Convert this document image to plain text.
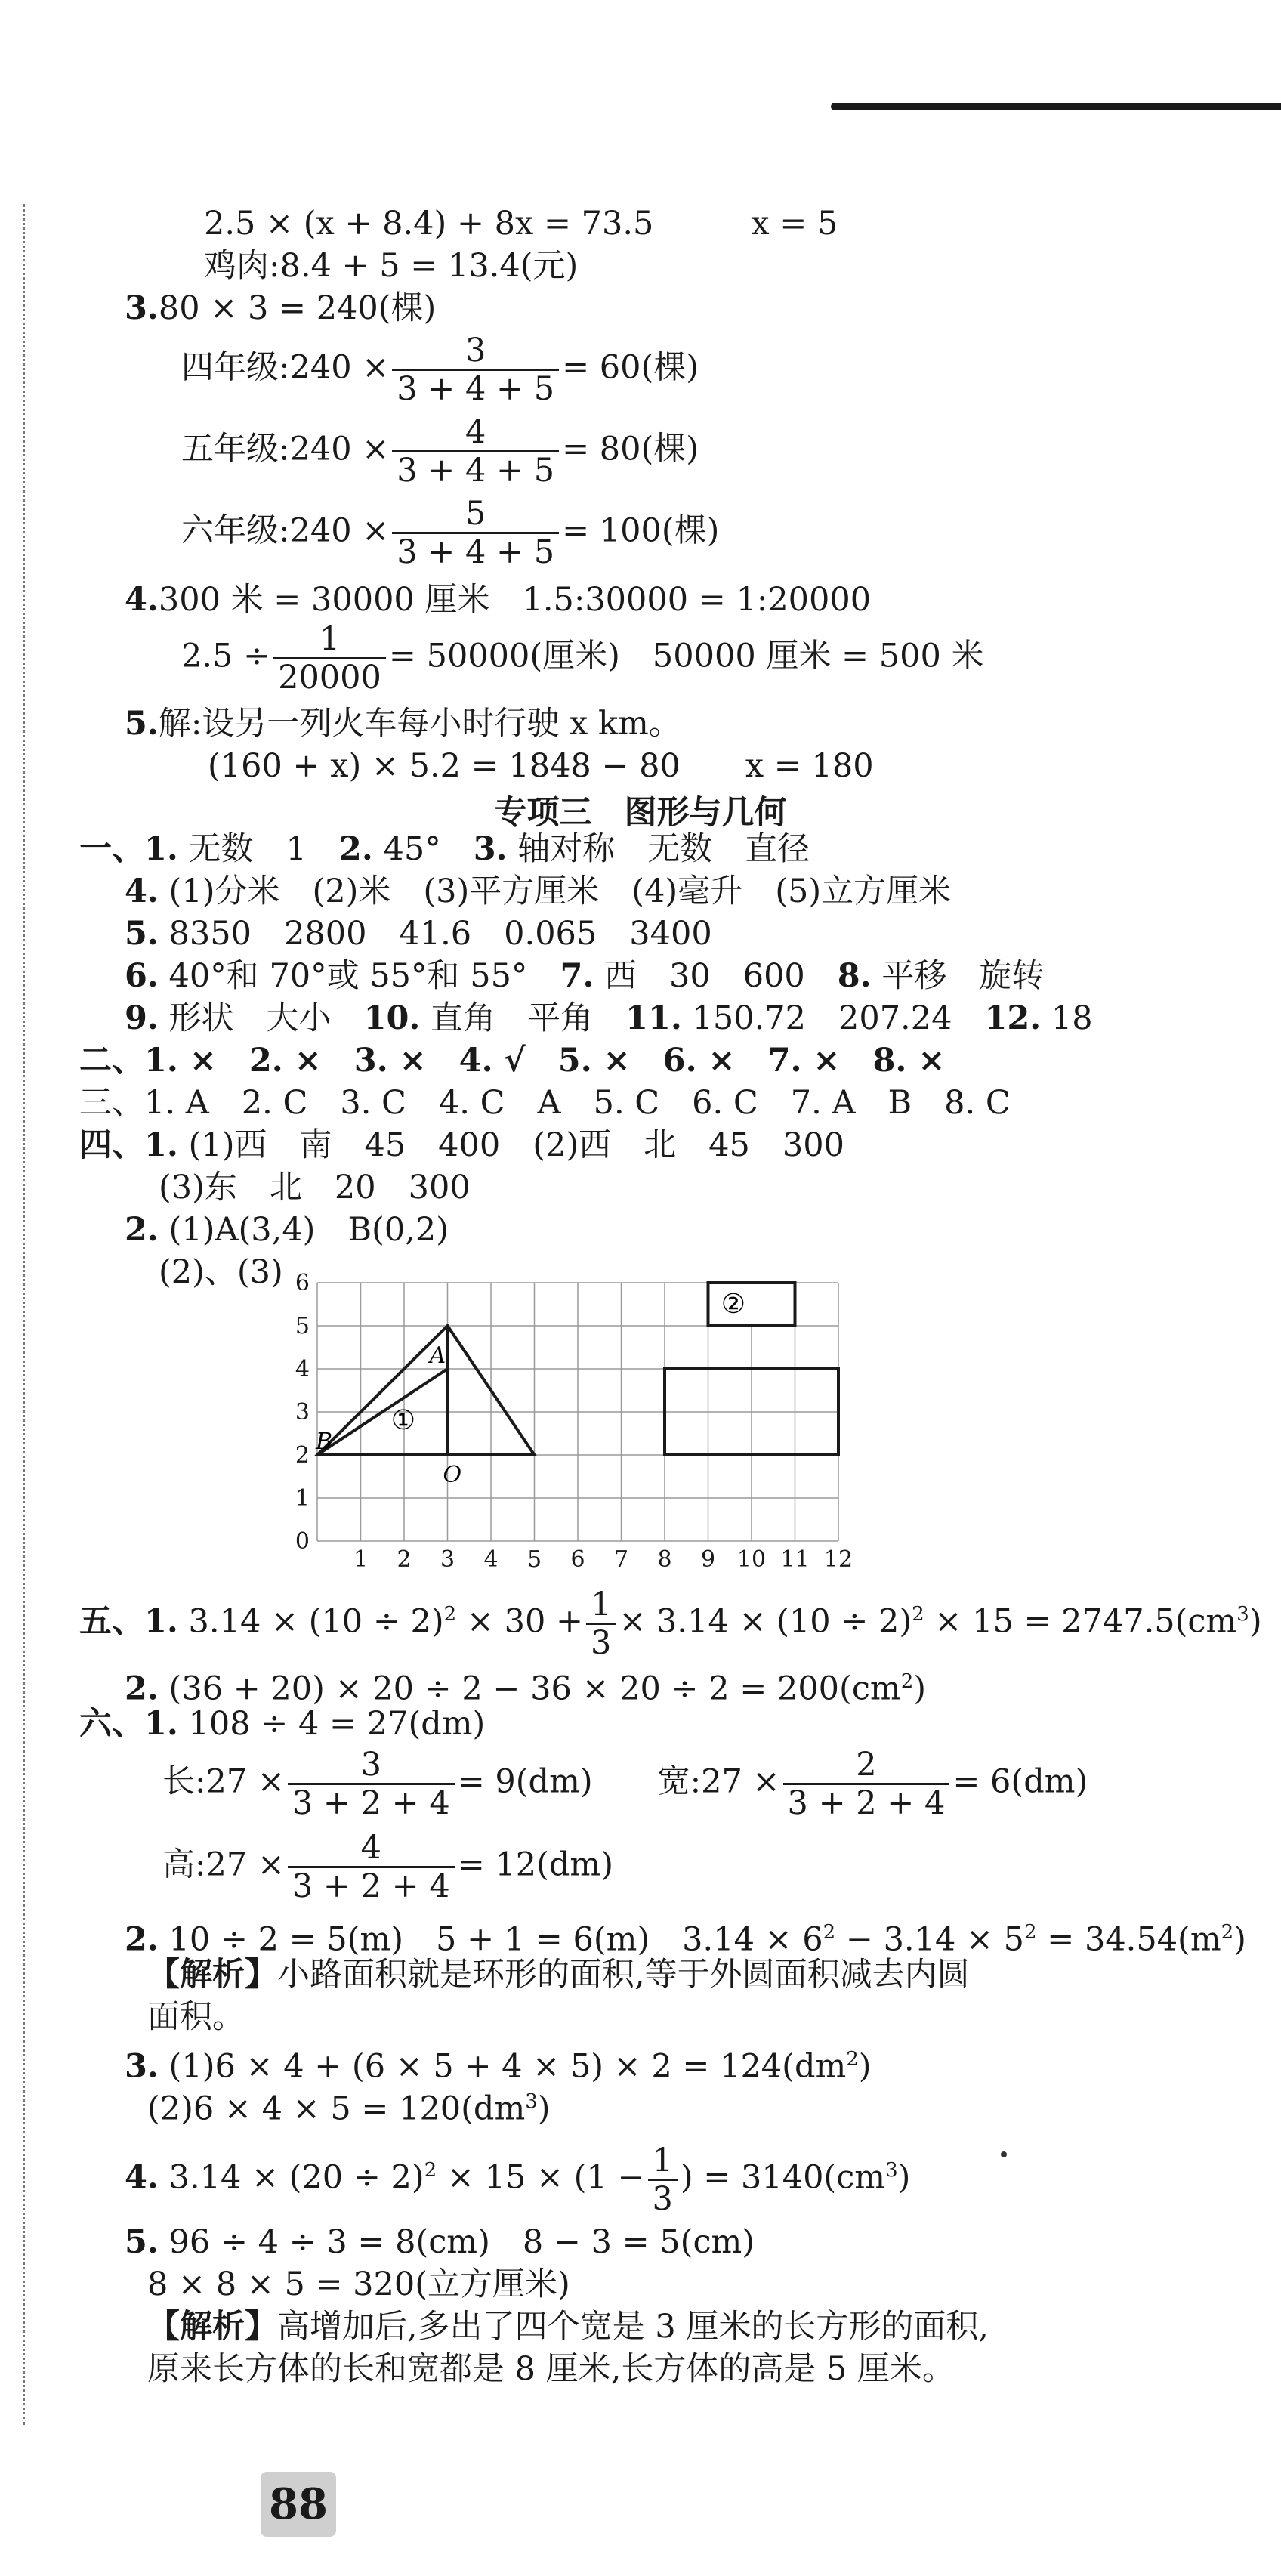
2.5 × (x + 8.4) + 8x = 73.5　　　x = 5
鸡肉:8.4 + 5 = 13.4(元)
3.80 × 3 = 240(棵)
四年级:240 × $\frac{3}{3 + 4 + 5} = 60$(棵)
五年级:240 × $\frac{4}{3 + 4 + 5} = 80$(棵)
六年级:240 × $\frac{5}{3 + 4 + 5} = 100$(棵)
4.300 米 = 30000 厘米　1.5:30000 = 1:20000
$2.5 \div \frac{1}{20000} = 50000$(厘米)　50000 厘米 = 500 米
5.解:设另一列火车每小时行驶 x km。
(160 + x) × 5.2 = 1848 − 80　　x = 180
专项三　图形与几何
一、1. 无数　1　2. 45°　3. 轴对称　无数　直径
4. (1)分米　(2)米　(3)平方厘米　(4)毫升　(5)立方厘米
5. 8350　2800　41.6　0.065　3400
6. 40°和 70°或 55°和 55°　7. 西　30　600　8. 平移　旋转
9. 形状　大小　10. 直角　平角　11. 150.72　207.24　12. 18
二、1. ×　2. ×　3. ×　4. √　5. ×　6. ×　7. ×　8. ×
三、1. A　2. C　3. C　4. C　A　5. C　6. C　7. A　B　8. C
四、1. (1)西　南　45　400　(2)西　北　45　300
(3)东　北　20　300
2. (1)A(3,4)　B(0,2)
(2)、(3)
1 2 3 4 5 6 7 8 9 10 11 12
0
1
2
3
4
5
6
A
B
O
①
②
五、1. $3.14 \times (10 \div 2)^2 \times 30 + \frac{1}{3} \times 3.14 \times (10 \div 2)^2 \times 15 = 2747.5(cm^3)$
2. $(36 + 20) \times 20 \div 2 - 36 \times 20 \div 2 = 200(cm^2)$
六、1. 108 ÷ 4 = 27(dm)
长:27 × $\frac{3}{3 + 2 + 4} = 9(dm)$　　 宽:27 × $\frac{2}{3 + 2 + 4} = 6(dm)$
高:27 × $\frac{4}{3 + 2 + 4} = 12(dm)$
2. 10 ÷ 2 = 5(m)　5 + 1 = 6(m)　$3.14 \times 6^2 - 3.14 \times 5^2 = 34.54(m^2)$
【解析】小路面积就是环形的面积,等于外圆面积减去内圆
面积。
3. $(1)6 \times 4 + (6 \times 5 + 4 \times 5) \times 2 = 124(dm^2)$
$(2)6 \times 4 \times 5 = 120(dm^3)$
4. $3.14 \times (20 \div 2)^2 \times 15 \times (1 - \frac{1}{3}$ ) = $3140(cm^3)$
5. 96 ÷ 4 ÷ 3 = 8(cm)　8 − 3 = 5(cm)
8 × 8 × 5 = 320(立方厘米)
【解析】高增加后,多出了四个宽是 3 厘米的长方形的面积,
原来长方体的长和宽都是 8 厘米,长方体的高是 5 厘米。
88
